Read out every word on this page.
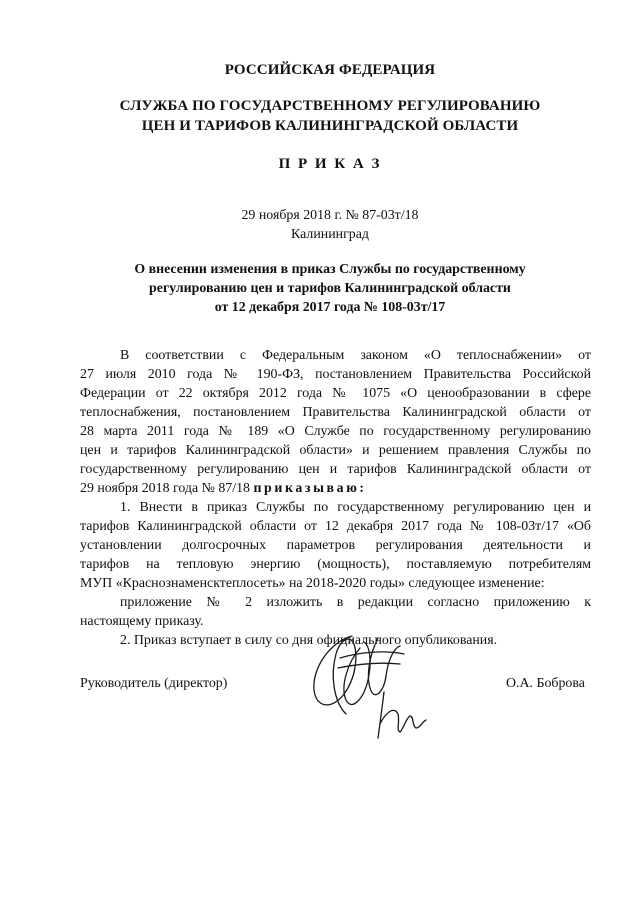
РОССИЙСКАЯ ФЕДЕРАЦИЯ
СЛУЖБА ПО ГОСУДАРСТВЕННОМУ РЕГУЛИРОВАНИЮ
ЦЕН И ТАРИФОВ КАЛИНИНГРАДСКОЙ ОБЛАСТИ
П Р И К А З
29 ноября 2018 г. № 87-03т/18
Калининград
О внесении изменения в приказ Службы по государственному
регулированию цен и тарифов Калининградской области
от 12 декабря 2017 года № 108-03т/17
В соответствии с Федеральным законом «О теплоснабжении» от
27 июля 2010 года № 190-ФЗ, постановлением Правительства Российской
Федерации от 22 октября 2012 года № 1075 «О ценообразовании в сфере
теплоснабжения, постановлением Правительства Калининградской области от
28 марта 2011 года № 189 «О Службе по государственному регулированию
цен и тарифов Калининградской области» и решением правления Службы по
государственному регулированию цен и тарифов Калининградской области от
29 ноября 2018 года № 87/18 приказываю:
1. Внести в приказ Службы по государственному регулированию цен и
тарифов Калининградской области от 12 декабря 2017 года № 108-03т/17 «Об
установлении долгосрочных параметров регулирования деятельности и
тарифов на тепловую энергию (мощность), поставляемую потребителям
МУП «Краснознаменсктеплосеть» на 2018-2020 годы» следующее изменение:
приложение № 2 изложить в редакции согласно приложению к
настоящему приказу.
2. Приказ вступает в силу со дня официального опубликования.
Руководитель (директор)	О.А. Боброва
